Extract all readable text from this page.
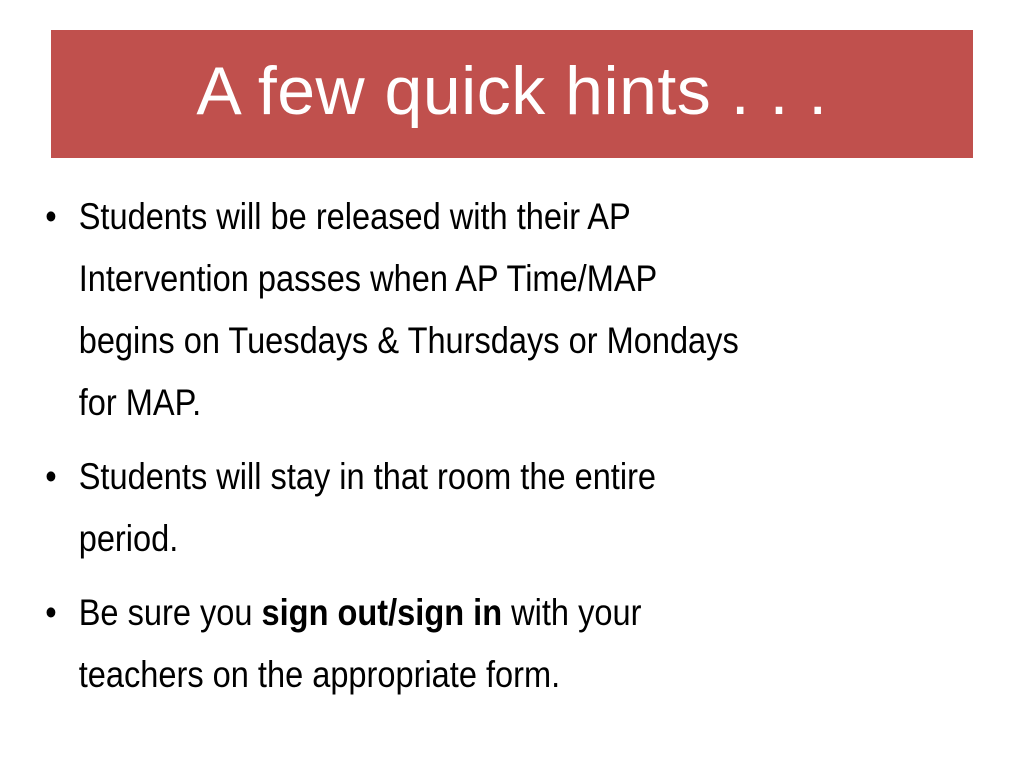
A few quick hints . . .
• Students will be released with their AP
Intervention passes when AP Time/MAP
begins on Tuesdays & Thursdays or Mondays
for MAP.
• Students will stay in that room the entire
period.
• Be sure you sign out/sign in with your
teachers on the appropriate form.
